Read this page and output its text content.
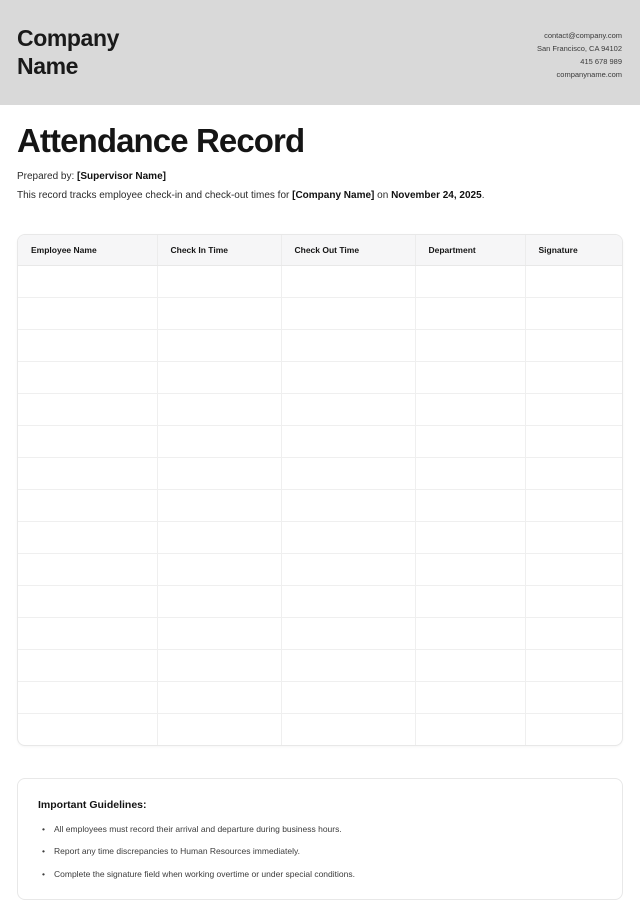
Company
Name
contact@company.com
San Francisco, CA 94102
415 678 989
companyname.com
Attendance Record
Prepared by: [Supervisor Name]
This record tracks employee check-in and check-out times for [Company Name] on November 24, 2025.
Employee Name	Check In Time	Check Out Time	Department	Signature

Important Guidelines:
• All employees must record their arrival and departure during business hours.
• Report any time discrepancies to Human Resources immediately.
• Complete the signature field when working overtime or under special conditions.
